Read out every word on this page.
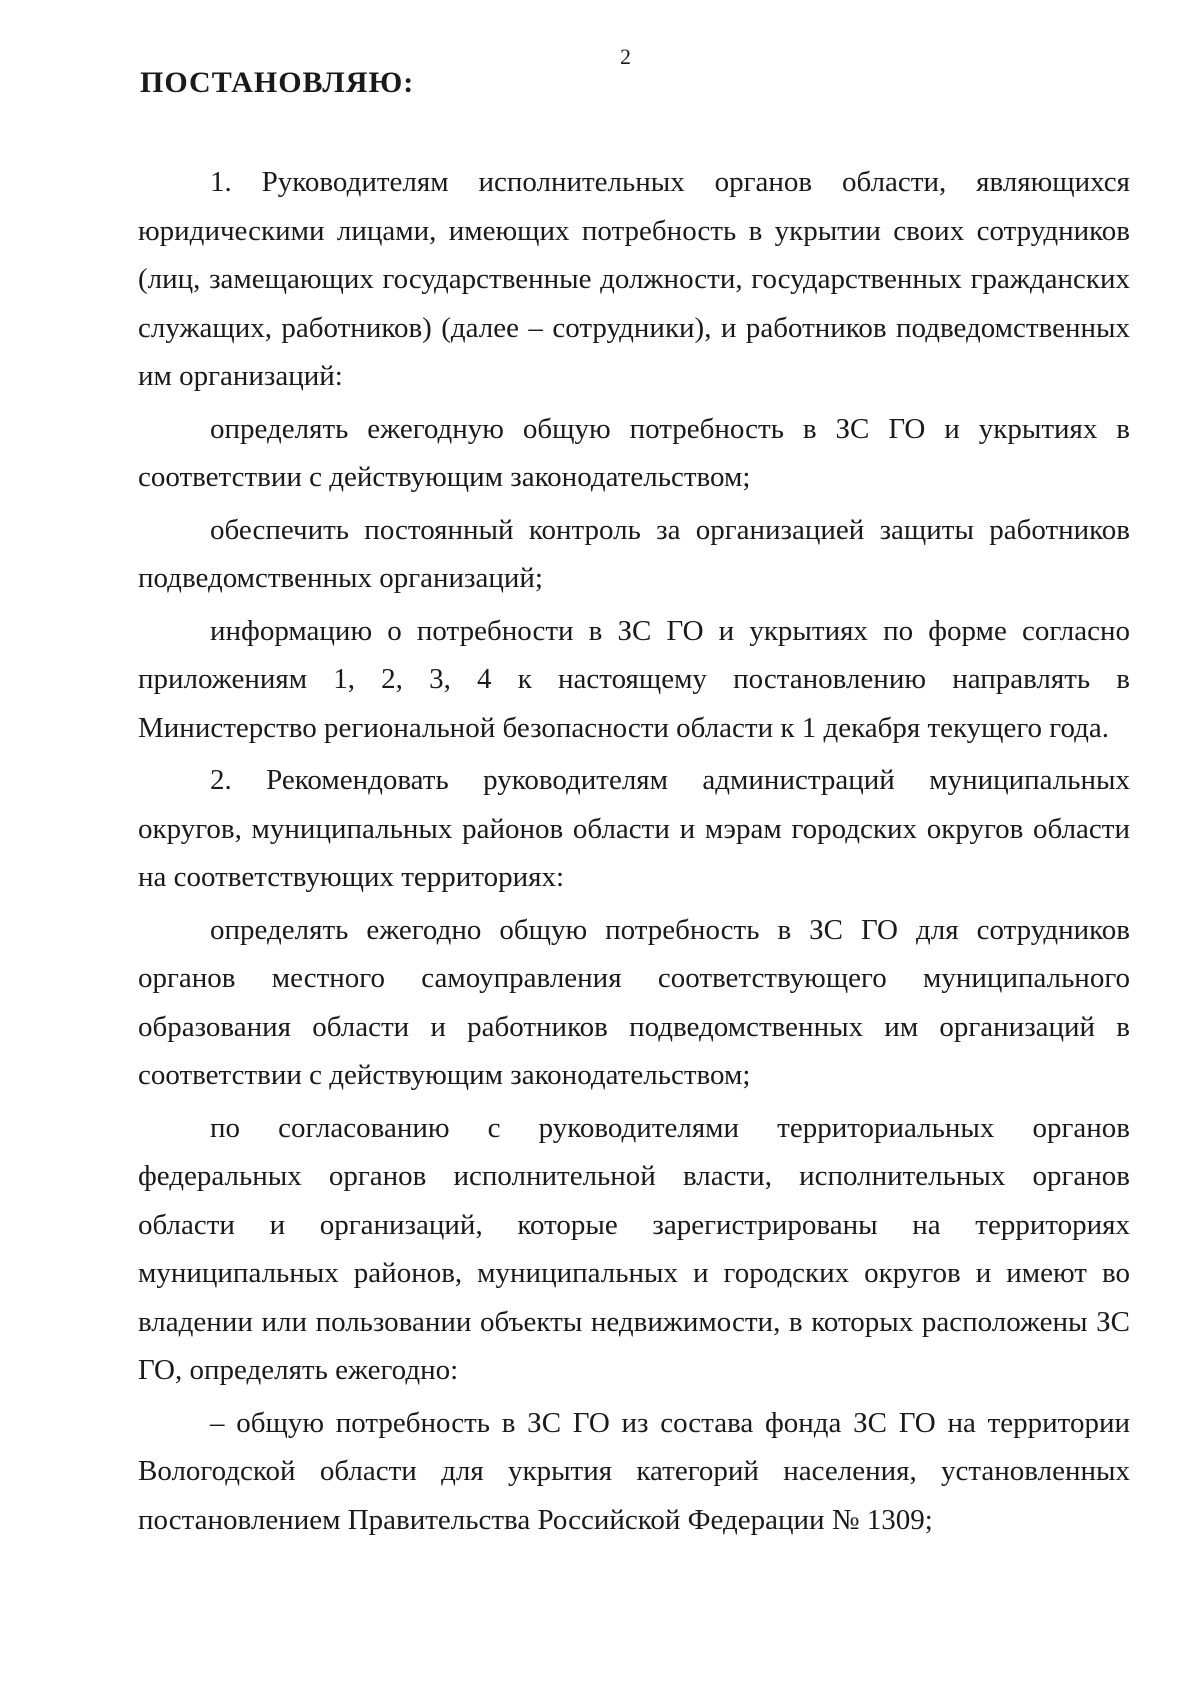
2
ПОСТАНОВЛЯЮ:

1. Руководителям исполнительных органов области, являющихся юридическими лицами, имеющих потребность в укрытии своих сотрудников (лиц, замещающих государственные должности, государственных гражданских служащих, работников) (далее – сотрудники), и работников подведомственных им организаций:

определять ежегодную общую потребность в ЗС ГО и укрытиях в соответствии с действующим законодательством;

обеспечить постоянный контроль за организацией защиты работников подведомственных организаций;

информацию о потребности в ЗС ГО и укрытиях по форме согласно приложениям 1, 2, 3, 4 к настоящему постановлению направлять в Министерство региональной безопасности области к 1 декабря текущего года.

2. Рекомендовать руководителям администраций муниципальных округов, муниципальных районов области и мэрам городских округов области на соответствующих территориях:

определять ежегодно общую потребность в ЗС ГО для сотрудников органов местного самоуправления соответствующего муниципального образования области и работников подведомственных им организаций в соответствии с действующим законодательством;

по согласованию с руководителями территориальных органов федеральных органов исполнительной власти, исполнительных органов области и организаций, которые зарегистрированы на территориях муниципальных районов, муниципальных и городских округов и имеют во владении или пользовании объекты недвижимости, в которых расположены ЗС ГО, определять ежегодно:

– общую потребность в ЗС ГО из состава фонда ЗС ГО на территории Вологодской области для укрытия категорий населения, установленных постановлением Правительства Российской Федерации № 1309;
